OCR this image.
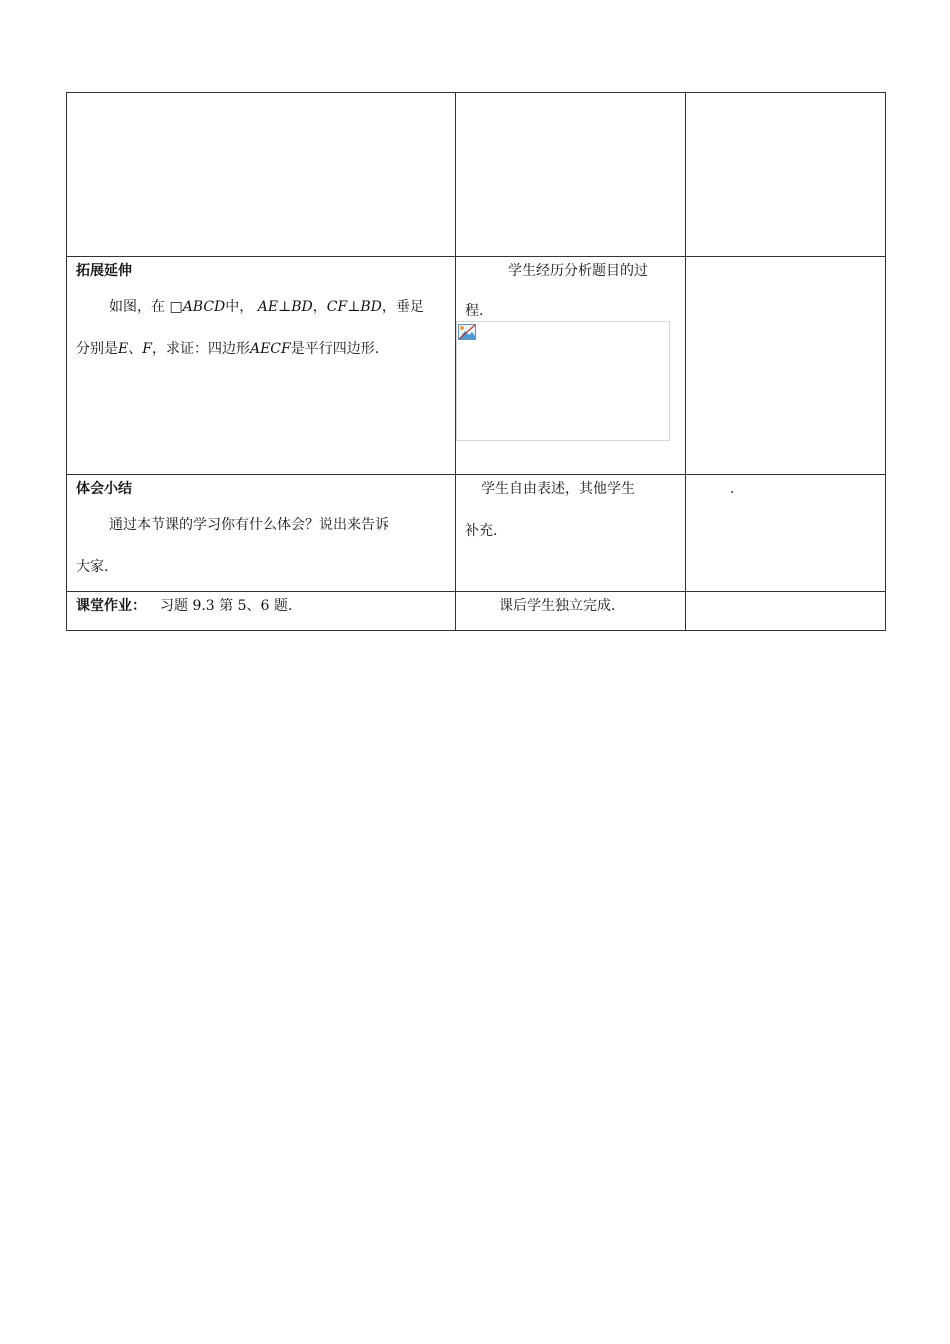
拓展延伸
如图，在 □ABCD中， AE⊥BD，CF⊥BD，垂足
分别是E、F，求证：四边形AECF是平行四边形.	学生经历分析题目的过
程.	

体会小结
通过本节课的学习你有什么体会？说出来告诉
大家.	学生自由表述，其他学生
补充.	.

课堂作业： 习题 9.3 第 5、6 题.	课后学生独立完成.	
